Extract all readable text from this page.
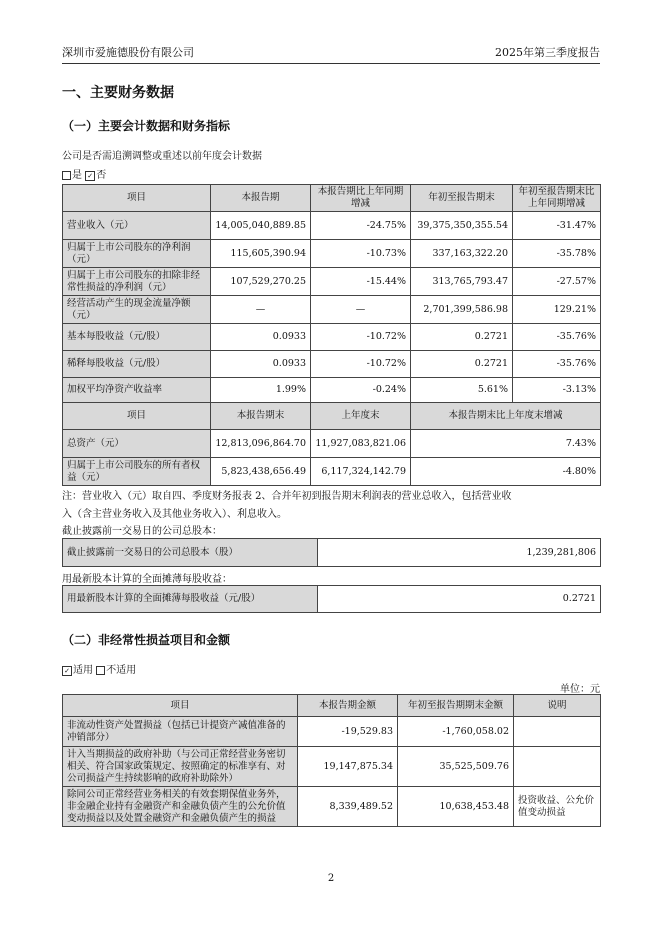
深圳市爱施德股份有限公司	2025年第三季度报告
一、主要财务数据
（一）主要会计数据和财务指标
公司是否需追溯调整或重述以前年度会计数据
是 ✓ 否
项目	本报告期	本报告期比上年同期增减	年初至报告期末	年初至报告期末比上年同期增减
营业收入（元）	14,005,040,889.85	-24.75%	39,375,350,355.54	-31.47%
归属于上市公司股东的净利润（元）	115,605,390.94	-10.73%	337,163,322.20	-35.78%
归属于上市公司股东的扣除非经常性损益的净利润（元）	107,529,270.25	-15.44%	313,765,793.47	-27.57%
经营活动产生的现金流量净额（元）	—	—	2,701,399,586.98	129.21%
基本每股收益（元/股）	0.0933	-10.72%	0.2721	-35.76%
稀释每股收益（元/股）	0.0933	-10.72%	0.2721	-35.76%
加权平均净资产收益率	1.99%	-0.24%	5.61%	-3.13%
项目	本报告期末	上年度末	本报告期末比上年度末增减	
总资产（元）	12,813,096,864.70	11,927,083,821.06	7.43%	
归属于上市公司股东的所有者权益（元）	5,823,438,656.49	6,117,324,142.79	-4.80%	
注：营业收入（元）取自四、季度财务报表 2、合并年初到报告期末利润表的营业总收入，包括营业收
入（含主营业务收入及其他业务收入）、利息收入。
截止披露前一交易日的公司总股本：
截止披露前一交易日的公司总股本（股）	1,239,281,806
用最新股本计算的全面摊薄每股收益：
用最新股本计算的全面摊薄每股收益（元/股）	0.2721
（二）非经常性损益项目和金额
✓ 适用 不适用
单位：元
项目	本报告期金额	年初至报告期期末金额	说明
非流动性资产处置损益（包括已计提资产减值准备的冲销部分）	-19,529.83	-1,760,058.02	
计入当期损益的政府补助（与公司正常经营业务密切相关、符合国家政策规定、按照确定的标准享有、对公司损益产生持续影响的政府补助除外）	19,147,875.34	35,525,509.76	
除同公司正常经营业务相关的有效套期保值业务外，非金融企业持有金融资产和金融负债产生的公允价值变动损益以及处置金融资产和金融负债产生的损益	8,339,489.52	10,638,453.48	投资收益、公允价值变动损益
2
